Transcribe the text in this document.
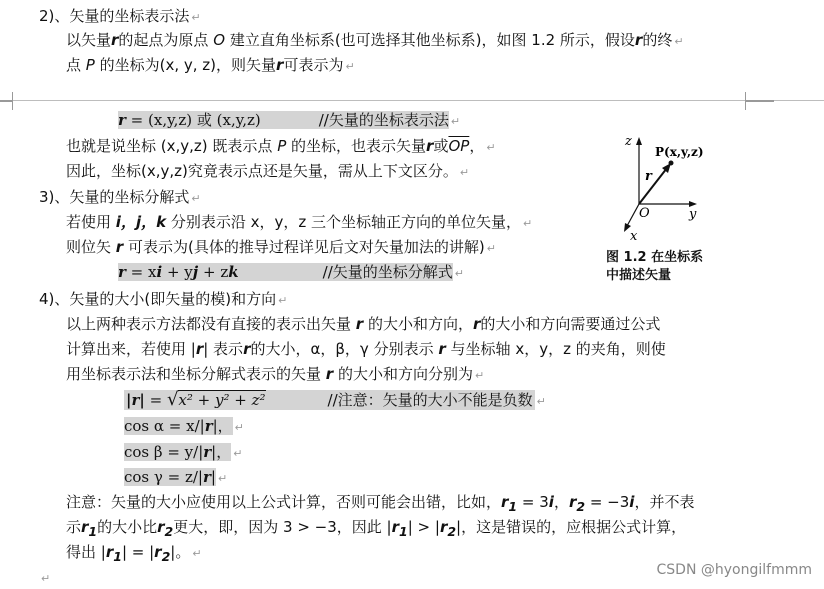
2)、矢量的坐标表示法 ↵
以矢量r的起点为原点 O 建立直角坐标系(也可选择其他坐标系)，如图 1.2 所示，假设r的终 ↵
点 P 的坐标为(x, y, z)，则矢量r可表示为 ↵
r = (x,y,z) 或 (x,y,z)	//矢量的坐标表示法 ↵
也就是说坐标 (x,y,z) 既表示点 P 的坐标，也表示矢量r或$\overline{OP}$， ↵
因此，坐标(x,y,z)究竟表示点还是矢量，需从上下文区分。 ↵
3)、矢量的坐标分解式 ↵
若使用 i，j，k 分别表示沿 x，y，z 三个坐标轴正方向的单位矢量， ↵
则位矢 r 可表示为(具体的推导过程详见后文对矢量加法的讲解) ↵
r = xi + yj + zk	//矢量的坐标分解式 ↵
4)、矢量的大小(即矢量的模)和方向 ↵
以上两种表示方法都没有直接的表示出矢量 r 的大小和方向，r的大小和方向需要通过公式
计算出来，若使用 |r| 表示r的大小，α，β，γ 分别表示 r 与坐标轴 x，y，z 的夹角，则使
用坐标表示法和坐标分解式表示的矢量 r 的大小和方向分别为 ↵
|r| = √x² + y² + z²	//注意：矢量的大小不能是负数 ↵
cos α = x/|r|， ↵
cos β = y/|r|， ↵
cos γ = z/|r| ↵
注意：矢量的大小应使用以上公式计算，否则可能会出错，比如，$r_1 = 3i$，$r_2 = -3i$，并不表
示$r_1$的大小比$r_2$更大，即，因为 3 > −3，因此 $|r_1| > |r_2|$，这是错误的，应根据公式计算，
得出 $|r_1| = |r_2|$。 ↵
↵
z
y
x
O
P(x,y,z)
r
图 1.2 在坐标系
中描述矢量
CSDN @hyongilfmmm
